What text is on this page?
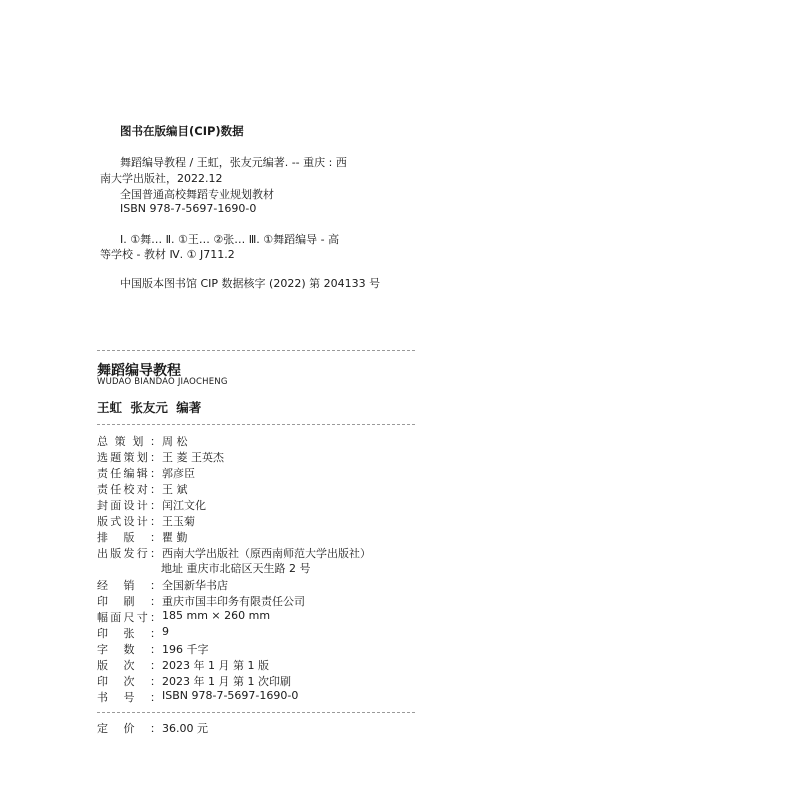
图书在版编目(CIP)数据
舞蹈编导教程 / 王虹，张友元编著. -- 重庆 : 西
南大学出版社，2022.12
全国普通高校舞蹈专业规划教材
ISBN 978-7-5697-1690-0
Ⅰ. ①舞… Ⅱ. ①王… ②张… Ⅲ. ①舞蹈编导 - 高
等学校 - 教材 Ⅳ. ① J711.2
中国版本图书馆 CIP 数据核字 (2022) 第 204133 号
舞蹈编导教程
WUDAO BIANDAO JIAOCHENG
王虹 张友元 编著
总 策 划 ： 周 松
选 题 策 划 ： 王 菱 王英杰
责 任 编 辑 ： 郭彦臣
责 任 校 对 ： 王 斌
封 面 设 计 ： 闰江文化
版 式 设 计 ： 王玉菊
排 版 ： 瞿 勤
出 版 发 行 ： 西南大学出版社（原西南师范大学出版社）
经 销 ： 全国新华书店
印 刷 ： 重庆市国丰印务有限责任公司
幅 面 尺 寸 ： 185 mm × 260 mm
印 张 ： 9
字 数 ： 196 千字
版 次 ： 2023 年 1 月 第 1 版
印 次 ： 2023 年 1 月 第 1 次印刷
书 号 ： ISBN 978-7-5697-1690-0
地址 重庆市北碚区天生路 2 号
定 价 ： 36.00 元
